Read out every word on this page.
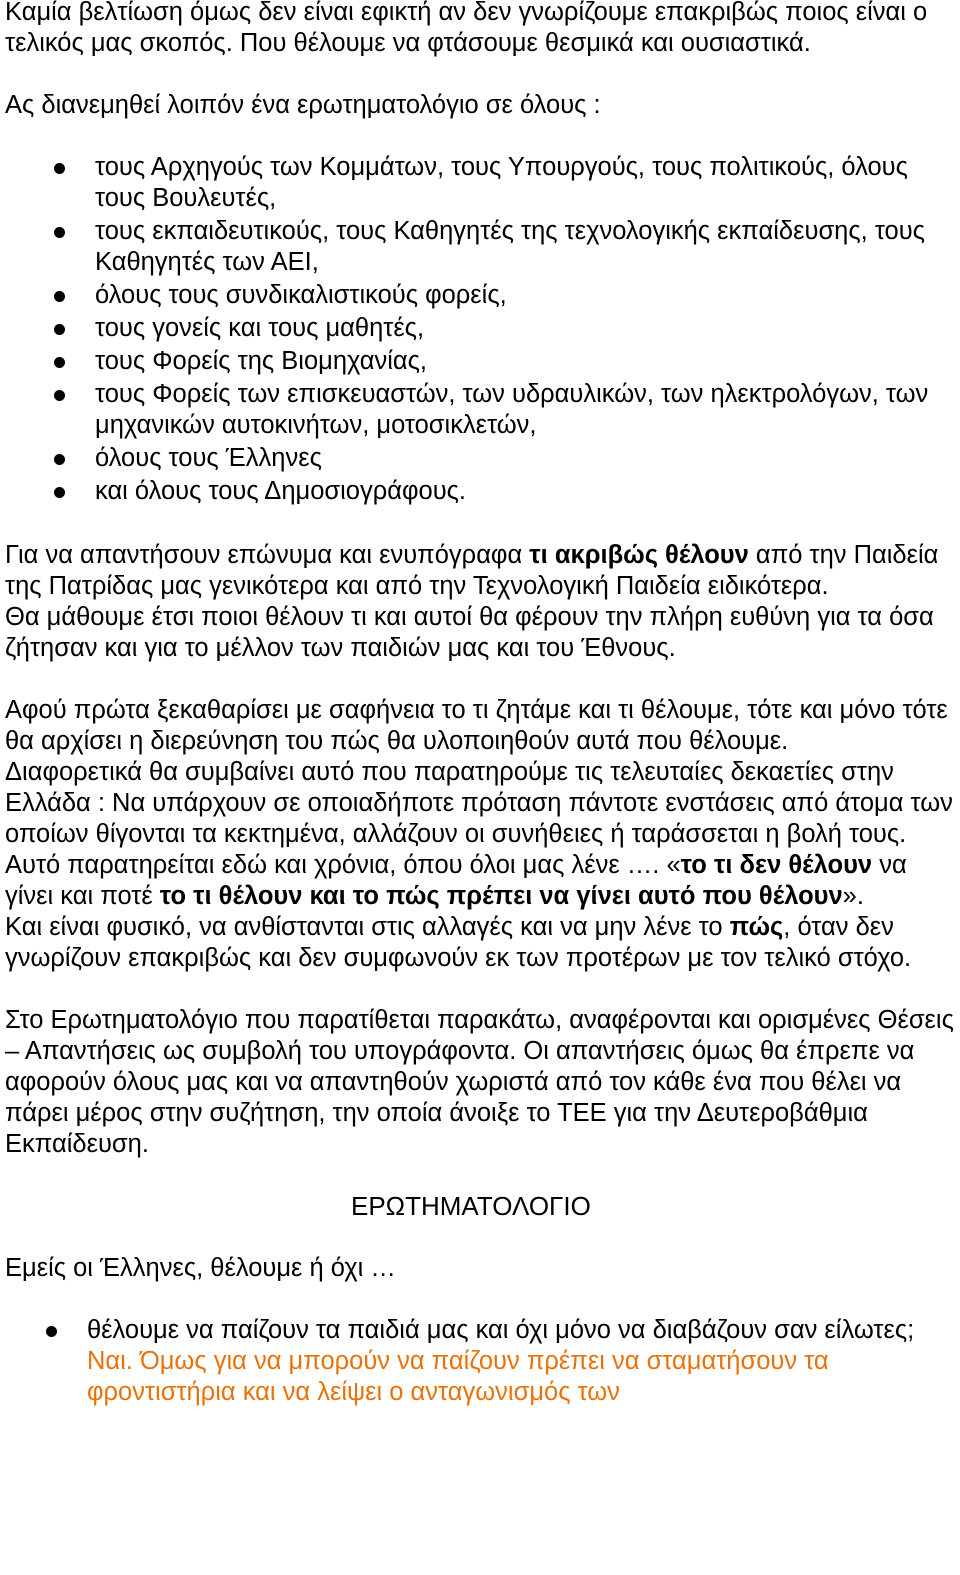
Καμία βελτίωση όμως δεν είναι εφικτή αν δεν γνωρίζουμε επακριβώς ποιος είναι ο τελικός μας σκοπός. Που θέλουμε να φτάσουμε θεσμικά και ουσιαστικά.

Ας διανεμηθεί λοιπόν ένα ερωτηματολόγιο σε όλους :

τους Αρχηγούς των Κομμάτων, τους Υπουργούς, τους πολιτικούς, όλους τους Βουλευτές,
τους εκπαιδευτικούς, τους Καθηγητές της τεχνολογικής εκπαίδευσης, τους Καθηγητές των ΑΕΙ,
όλους τους συνδικαλιστικούς φορείς,
τους γονείς και τους μαθητές,
τους Φορείς της Βιομηχανίας,
τους Φορείς των επισκευαστών, των υδραυλικών, των ηλεκτρολόγων, των μηχανικών αυτοκινήτων, μοτοσικλετών,
όλους τους Έλληνες
και όλους τους Δημοσιογράφους.

Για να απαντήσουν επώνυμα και ενυπόγραφα τι ακριβώς θέλουν από την Παιδεία της Πατρίδας μας γενικότερα και από την Τεχνολογική Παιδεία ειδικότερα.

Θα μάθουμε έτσι ποιοι θέλουν τι και αυτοί θα φέρουν την πλήρη ευθύνη για τα όσα ζήτησαν και για το μέλλον των παιδιών μας και του Έθνους.

Αφού πρώτα ξεκαθαρίσει με σαφήνεια το τι ζητάμε και τι θέλουμε, τότε και μόνο τότε θα αρχίσει η διερεύνηση του πώς θα υλοποιηθούν αυτά που θέλουμε.

Διαφορετικά θα συμβαίνει αυτό που παρατηρούμε τις τελευταίες δεκαετίες στην Ελλάδα : Να υπάρχουν σε οποιαδήποτε πρόταση πάντοτε ενστάσεις από άτομα των οποίων θίγονται τα κεκτημένα, αλλάζουν οι συνήθειες ή ταράσσεται η βολή τους. Αυτό παρατηρείται εδώ και χρόνια, όπου όλοι μας λένε …. «το τι δεν θέλουν να γίνει και ποτέ το τι θέλουν και το πώς πρέπει να γίνει αυτό που θέλουν».

Και είναι φυσικό, να ανθίστανται στις αλλαγές και να μην λένε το πώς, όταν δεν γνωρίζουν επακριβώς και δεν συμφωνούν εκ των προτέρων με τον τελικό στόχο.

Στο Ερωτηματολόγιο που παρατίθεται παρακάτω, αναφέρονται και ορισμένες Θέσεις – Απαντήσεις ως συμβολή του υπογράφοντα. Οι απαντήσεις όμως θα έπρεπε να αφορούν όλους μας και να απαντηθούν χωριστά από τον κάθε ένα που θέλει να πάρει μέρος στην συζήτηση, την οποία άνοιξε το ΤΕΕ για την Δευτεροβάθμια Εκπαίδευση.

ΕΡΩΤΗΜΑΤΟΛΟΓΙΟ

Εμείς οι Έλληνες, θέλουμε ή όχι …

θέλουμε να παίζουν τα παιδιά μας και όχι μόνο να διαβάζουν σαν είλωτες; Ναι. Όμως για να μπορούν να παίζουν πρέπει να σταματήσουν τα φροντιστήρια και να λείψει ο ανταγωνισμός των
